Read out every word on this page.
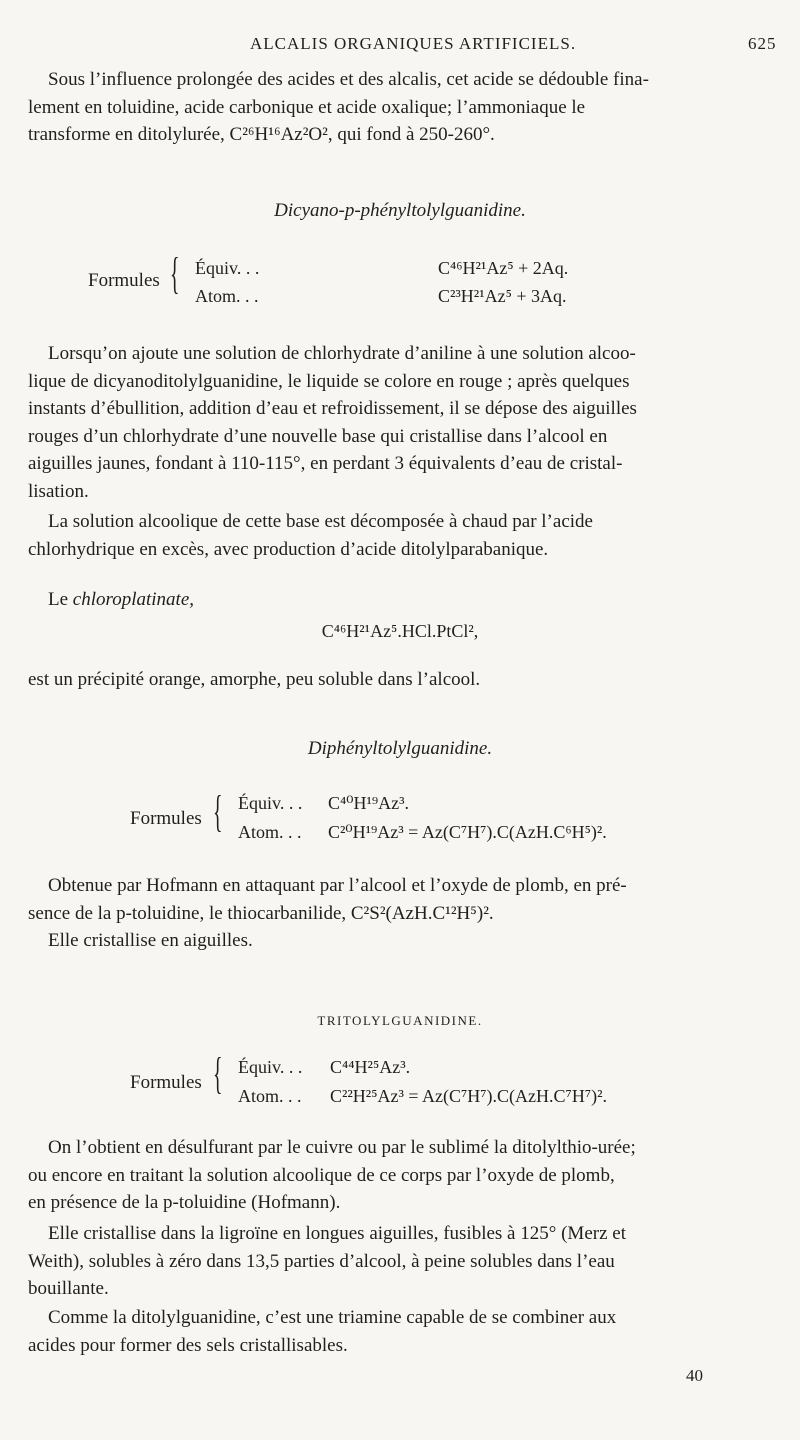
ALCALIS ORGANIQUES ARTIFICIELS.	625
Sous l’influence prolongée des acides et des alcalis, cet acide se dédouble fina-
lement en toluidine, acide carbonique et acide oxalique; l’ammoniaque le
transforme en ditolylurée, C²⁶H¹⁶Az²O², qui fond à 250-260°.
Dicyano-p-phényltolylguanidine.
Formules { Équiv. . .	C⁴⁶H²¹Az⁵ + 2Aq.
Atom. . .	C²³H²¹Az⁵ + 3Aq.
Lorsqu’on ajoute une solution de chlorhydrate d’aniline à une solution alcoo-
lique de dicyanoditolylguanidine, le liquide se colore en rouge ; après quelques
instants d’ébullition, addition d’eau et refroidissement, il se dépose des aiguilles
rouges d’un chlorhydrate d’une nouvelle base qui cristallise dans l’alcool en
aiguilles jaunes, fondant à 110-115°, en perdant 3 équivalents d’eau de cristal-
lisation.
La solution alcoolique de cette base est décomposée à chaud par l’acide
chlorhydrique en excès, avec production d’acide ditolylparabanique.
Le chloroplatinate,
C⁴⁶H²¹Az⁵.HCl.PtCl²,
est un précipité orange, amorphe, peu soluble dans l’alcool.
Diphényltolylguanidine.
Formules { Équiv. . . C⁴⁰H¹⁹Az³.
Atom. . . C²⁰H¹⁹Az³ = Az(C⁷H⁷).C(AzH.C⁶H⁵)².
Obtenue par Hofmann en attaquant par l’alcool et l’oxyde de plomb, en pré-
sence de la p-toluidine, le thiocarbanilide, C²S²(AzH.C¹²H⁵)².
Elle cristallise en aiguilles.
TRITOLYLGUANIDINE.
Formules { Équiv. . . C⁴⁴H²⁵Az³.
Atom. . . C²²H²⁵Az³ = Az(C⁷H⁷).C(AzH.C⁷H⁷)².
On l’obtient en désulfurant par le cuivre ou par le sublimé la ditolylthio-urée;
ou encore en traitant la solution alcoolique de ce corps par l’oxyde de plomb,
en présence de la p-toluidine (Hofmann).
Elle cristallise dans la ligroïne en longues aiguilles, fusibles à 125° (Merz et
Weith), solubles à zéro dans 13,5 parties d’alcool, à peine solubles dans l’eau
bouillante.
Comme la ditolylguanidine, c’est une triamine capable de se combiner aux
acides pour former des sels cristallisables.
40
